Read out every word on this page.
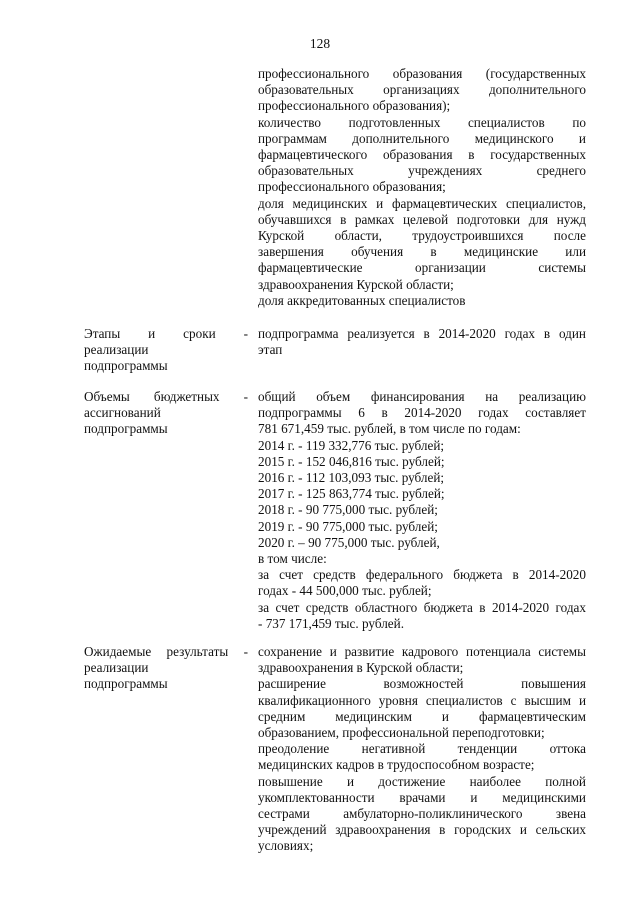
128
профессионального образования (государственных
образовательных организациях дополнительного
профессионального образования);
количество подготовленных специалистов по
программам дополнительного медицинского и
фармацевтического образования в государственных
образовательных учреждениях среднего
профессионального образования;
доля медицинских и фармацевтических специалистов,
обучавшихся в рамках целевой подготовки для нужд
Курской области, трудоустроившихся после
завершения обучения в медицинские или
фармацевтические организации системы
здравоохранения Курской области;
доля аккредитованных специалистов
Этапы и сроки -
реализации
подпрограммы
подпрограмма реализуется в 2014-2020 годах в один
этап
Объемы бюджетных -
ассигнований
подпрограммы
общий объем финансирования на реализацию
подпрограммы 6 в 2014-2020 годах составляет
781 671,459 тыс. рублей, в том числе по годам:
2014 г. - 119 332,776 тыс. рублей;
2015 г. - 152 046,816 тыс. рублей;
2016 г. - 112 103,093 тыс. рублей;
2017 г. - 125 863,774 тыс. рублей;
2018 г. - 90 775,000 тыс. рублей;
2019 г. - 90 775,000 тыс. рублей;
2020 г. – 90 775,000 тыс. рублей,
в том числе:
за счет средств федерального бюджета в 2014-2020
годах - 44 500,000 тыс. рублей;
за счет средств областного бюджета в 2014-2020 годах
- 737 171,459 тыс. рублей.
Ожидаемые результаты -
реализации
подпрограммы
сохранение и развитие кадрового потенциала системы
здравоохранения в Курской области;
расширение возможностей повышения
квалификационного уровня специалистов с высшим и
средним медицинским и фармацевтическим
образованием, профессиональной переподготовки;
преодоление негативной тенденции оттока
медицинских кадров в трудоспособном возрасте;
повышение и достижение наиболее полной
укомплектованности врачами и медицинскими
сестрами амбулаторно-поликлинического звена
учреждений здравоохранения в городских и сельских
условиях;
